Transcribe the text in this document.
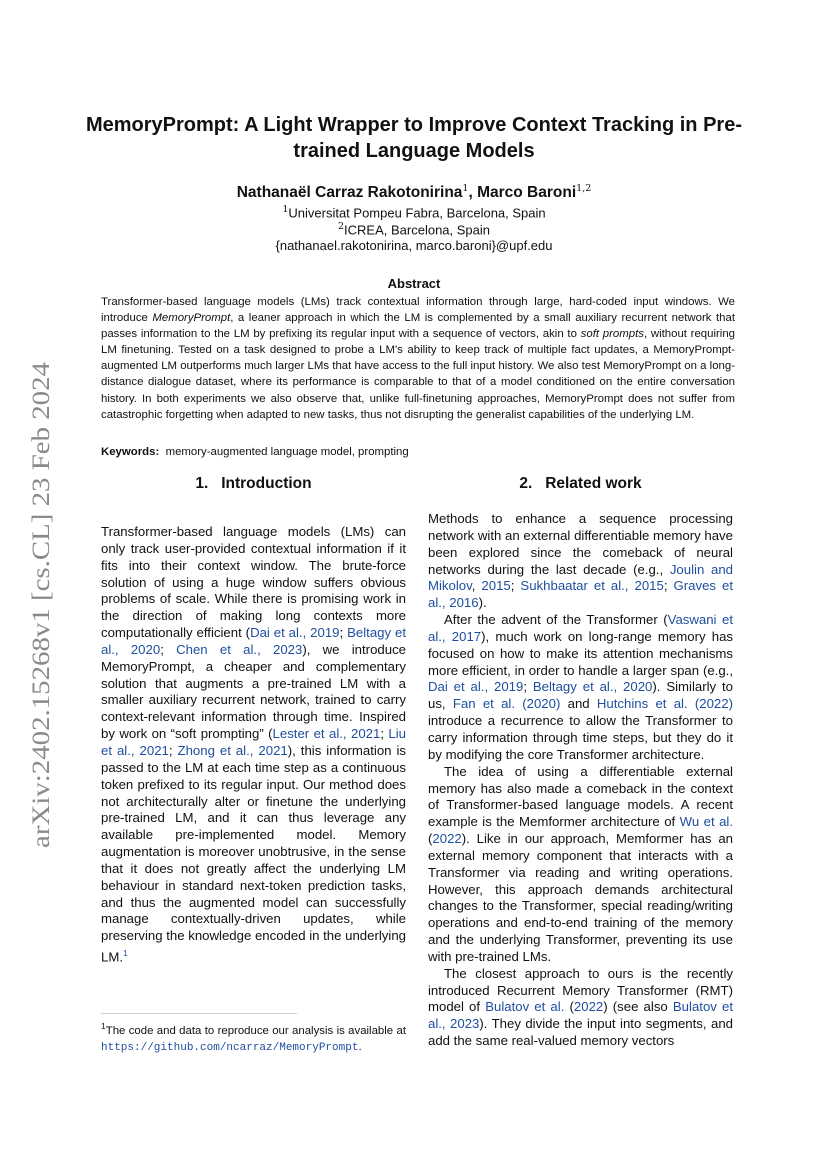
arXiv:2402.15268v1 [cs.CL] 23 Feb 2024
MemoryPrompt: A Light Wrapper to Improve Context Tracking in Pre-trained Language Models
Nathanaël Carraz Rakotonirina$^1$, Marco Baroni$^{1,2}$
$^1$Universitat Pompeu Fabra, Barcelona, Spain
$^2$ICREA, Barcelona, Spain
{nathanael.rakotonirina, marco.baroni}@upf.edu
Abstract
Transformer-based language models (LMs) track contextual information through large, hard-coded input windows. We introduce MemoryPrompt, a leaner approach in which the LM is complemented by a small auxiliary recurrent network that passes information to the LM by prefixing its regular input with a sequence of vectors, akin to soft prompts, without requiring LM finetuning. Tested on a task designed to probe a LM's ability to keep track of multiple fact updates, a MemoryPrompt-augmented LM outperforms much larger LMs that have access to the full input history. We also test MemoryPrompt on a long-distance dialogue dataset, where its performance is comparable to that of a model conditioned on the entire conversation history. In both experiments we also observe that, unlike full-finetuning approaches, MemoryPrompt does not suffer from catastrophic forgetting when adapted to new tasks, thus not disrupting the generalist capabilities of the underlying LM.
Keywords: memory-augmented language model, prompting
1. Introduction	2. Related work

Transformer-based language models (LMs) can only track user-provided contextual information if it fits into their context window. The brute-force solution of using a huge window suffers obvious problems of scale. While there is promising work in the direction of making long contexts more computationally efficient (Dai et al., 2019; Beltagy et al., 2020; Chen et al., 2023), we introduce MemoryPrompt, a cheaper and complementary solution that augments a pre-trained LM with a smaller auxiliary recurrent network, trained to carry context-relevant information through time. Inspired by work on “soft prompting” (Lester et al., 2021; Liu et al., 2021; Zhong et al., 2021), this information is passed to the LM at each time step as a continuous token prefixed to its regular input. Our method does not architecturally alter or finetune the underlying pre-trained LM, and it can thus leverage any available pre-implemented model. Memory augmentation is moreover unobtrusive, in the sense that it does not greatly affect the underlying LM behaviour in standard next-token prediction tasks, and thus the augmented model can successfully manage contextually-driven updates, while preserving the knowledge encoded in the underlying LM.$^1$

$^1$The code and data to reproduce our analysis is available at https://github.com/ncarraz/MemoryPrompt.

Methods to enhance a sequence processing network with an external differentiable memory have been explored since the comeback of neural networks during the last decade (e.g., Joulin and Mikolov, 2015; Sukhbaatar et al., 2015; Graves et al., 2016).

After the advent of the Transformer (Vaswani et al., 2017), much work on long-range memory has focused on how to make its attention mechanisms more efficient, in order to handle a larger span (e.g., Dai et al., 2019; Beltagy et al., 2020). Similarly to us, Fan et al. (2020) and Hutchins et al. (2022) introduce a recurrence to allow the Transformer to carry information through time steps, but they do it by modifying the core Transformer architecture.

The idea of using a differentiable external memory has also made a comeback in the context of Transformer-based language models. A recent example is the Memformer architecture of Wu et al. (2022). Like in our approach, Memformer has an external memory component that interacts with a Transformer via reading and writing operations. However, this approach demands architectural changes to the Transformer, special reading/writing operations and end-to-end training of the memory and the underlying Transformer, preventing its use with pre-trained LMs.

The closest approach to ours is the recently introduced Recurrent Memory Transformer (RMT) model of Bulatov et al. (2022) (see also Bulatov et al., 2023). They divide the input into segments, and add the same real-valued memory vectors
